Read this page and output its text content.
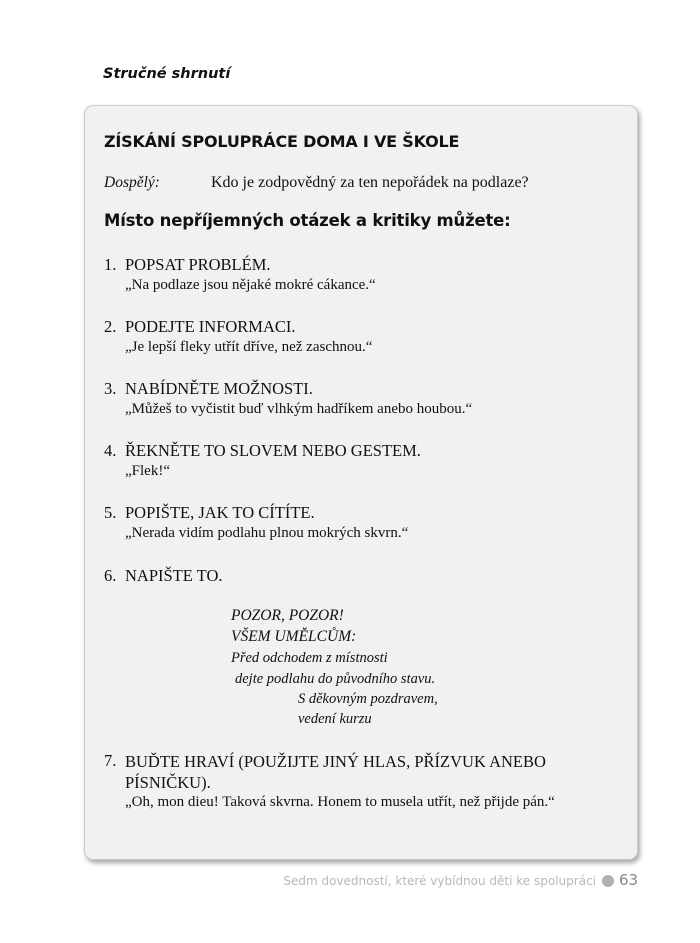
Stručné shrnutí
ZÍSKÁNÍ SPOLUPRÁCE DOMA I VE ŠKOLE
Dospělý:	Kdo je zodpovědný za ten nepořádek na podlaze?
Místo nepříjemných otázek a kritiky můžete:
1. POPSAT PROBLÉM.
„Na podlaze jsou nějaké mokré cákance.“
2. PODEJTE INFORMACI.
„Je lepší fleky utřít dříve, než zaschnou.“
3. NABÍDNĚTE MOŽNOSTI.
„Můžeš to vyčistit buď vlhkým hadříkem anebo houbou.“
4. ŘEKNĚTE TO SLOVEM NEBO GESTEM.
„Flek!“
5. POPIŠTE, JAK TO CÍTÍTE.
„Nerada vidím podlahu plnou mokrých skvrn.“
6. NAPIŠTE TO.
POZOR, POZOR!
VŠEM UMĚLCŮM:
Před odchodem z místnosti
dejte podlahu do původního stavu.
S děkovným pozdravem,
vedení kurzu
7. BUĎTE HRAVÍ (POUŽIJTE JINÝ HLAS, PŘÍZVUK ANEBO PÍSNIČKU).
„Oh, mon dieu! Taková skvrna. Honem to musela utřít, než přijde pán.“
Sedm dovedností, které vybídnou děti ke spolupráci 63
